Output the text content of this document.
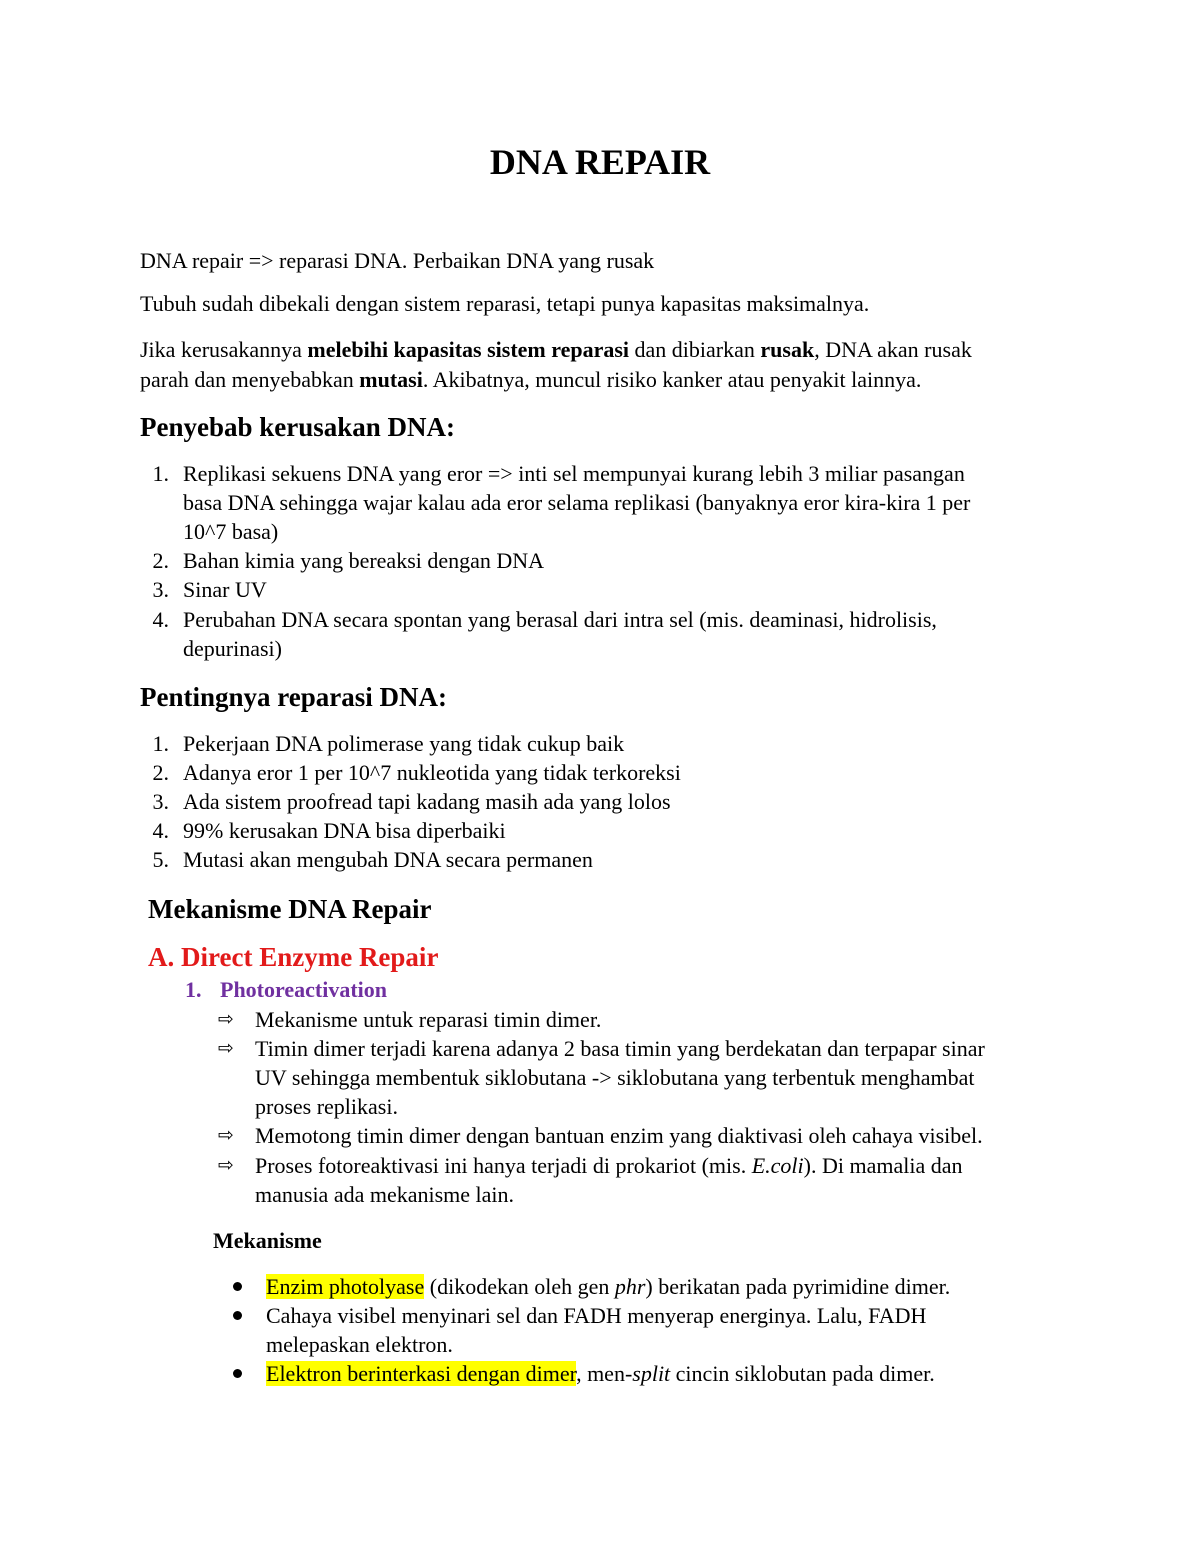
DNA REPAIR
DNA repair => reparasi DNA. Perbaikan DNA yang rusak
Tubuh sudah dibekali dengan sistem reparasi, tetapi punya kapasitas maksimalnya.
Jika kerusakannya melebihi kapasitas sistem reparasi dan dibiarkan rusak, DNA akan rusak
parah dan menyebabkan mutasi. Akibatnya, muncul risiko kanker atau penyakit lainnya.
Penyebab kerusakan DNA:
1. Replikasi sekuens DNA yang eror => inti sel mempunyai kurang lebih 3 miliar pasangan
basa DNA sehingga wajar kalau ada eror selama replikasi (banyaknya eror kira-kira 1 per
10^7 basa)
2. Bahan kimia yang bereaksi dengan DNA
3. Sinar UV
4. Perubahan DNA secara spontan yang berasal dari intra sel (mis. deaminasi, hidrolisis,
depurinasi)
Pentingnya reparasi DNA:
1. Pekerjaan DNA polimerase yang tidak cukup baik
2. Adanya eror 1 per 10^7 nukleotida yang tidak terkoreksi
3. Ada sistem proofread tapi kadang masih ada yang lolos
4. 99% kerusakan DNA bisa diperbaiki
5. Mutasi akan mengubah DNA secara permanen
Mekanisme DNA Repair
A. Direct Enzyme Repair
1. Photoreactivation
⇨ Mekanisme untuk reparasi timin dimer.
⇨ Timin dimer terjadi karena adanya 2 basa timin yang berdekatan dan terpapar sinar
UV sehingga membentuk siklobutana -> siklobutana yang terbentuk menghambat
proses replikasi.
⇨ Memotong timin dimer dengan bantuan enzim yang diaktivasi oleh cahaya visibel.
⇨ Proses fotoreaktivasi ini hanya terjadi di prokariot (mis. E.coli). Di mamalia dan
manusia ada mekanisme lain.
Mekanisme
Enzim photolyase (dikodekan oleh gen phr) berikatan pada pyrimidine dimer.
Cahaya visibel menyinari sel dan FADH menyerap energinya. Lalu, FADH
melepaskan elektron.
Elektron berinterkasi dengan dimer, men-split cincin siklobutan pada dimer.
